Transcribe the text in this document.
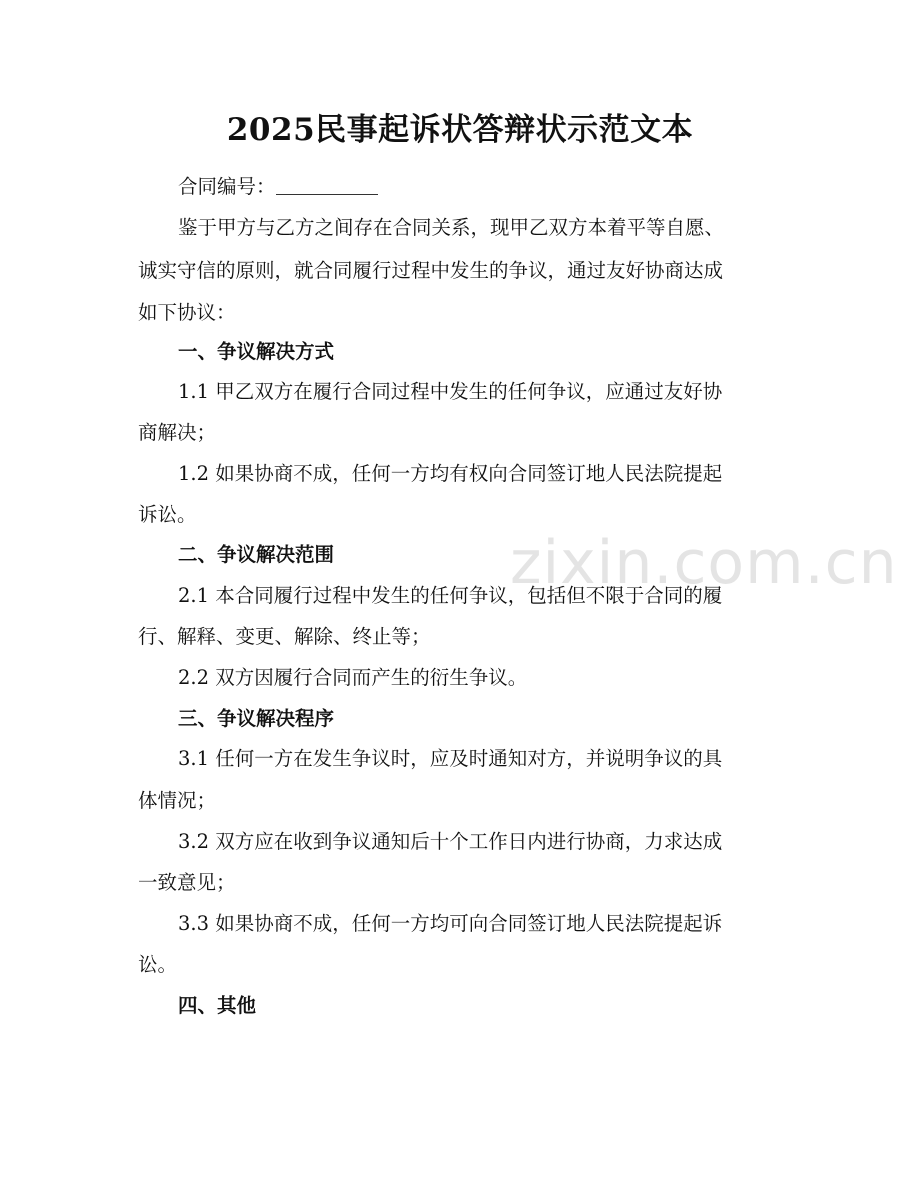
zixin.com.cn
2025民事起诉状答辩状示范文本

合同编号：

鉴于甲方与乙方之间存在合同关系，现甲乙双方本着平等自愿、

诚实守信的原则，就合同履行过程中发生的争议，通过友好协商达成

如下协议：

一、争议解决方式

1.1 甲乙双方在履行合同过程中发生的任何争议，应通过友好协

商解决；

1.2 如果协商不成，任何一方均有权向合同签订地人民法院提起

诉讼。

二、争议解决范围

2.1 本合同履行过程中发生的任何争议，包括但不限于合同的履

行、解释、变更、解除、终止等；

2.2 双方因履行合同而产生的衍生争议。

三、争议解决程序

3.1 任何一方在发生争议时，应及时通知对方，并说明争议的具

体情况；

3.2 双方应在收到争议通知后十个工作日内进行协商，力求达成

一致意见；

3.3 如果协商不成，任何一方均可向合同签订地人民法院提起诉

讼。

四、其他
